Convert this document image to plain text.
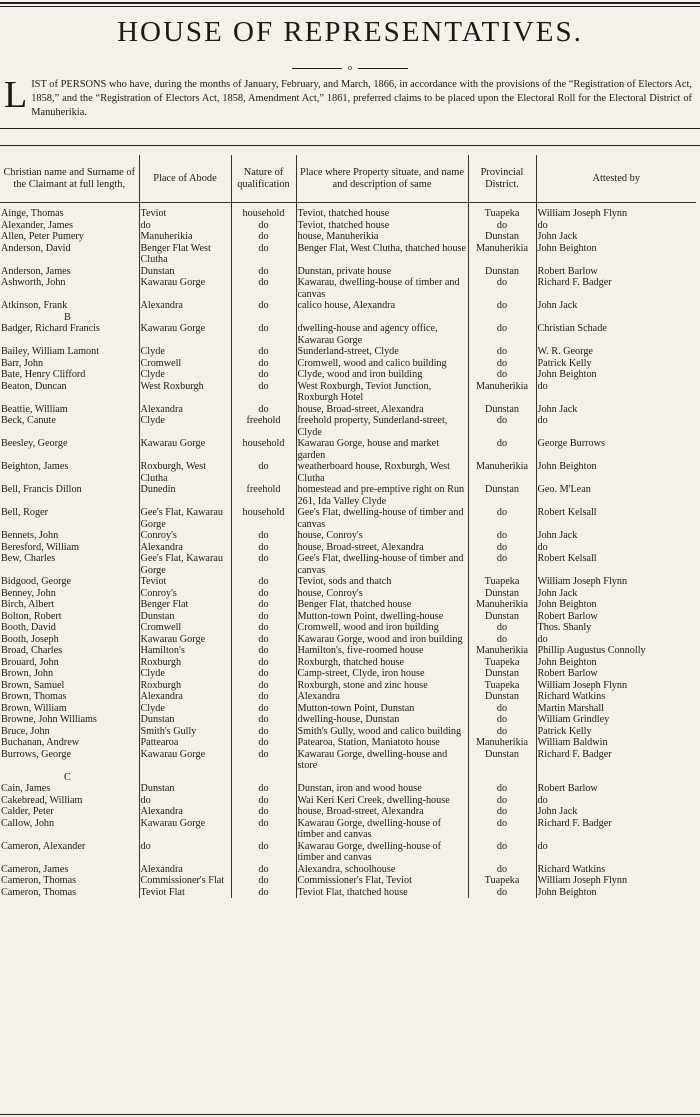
HOUSE OF REPRESENTATIVES.
o
LIST of PERSONS who have, during the months of January, February, and March, 1866, in accordance with the provisions of the “Registration of Electors Act, 1858,” and the “Registration of Electors Act, 1858, Amendment Act,” 1861, preferred claims to be placed upon the Electoral Roll for the Electoral District of Manuherikia.
Christian name and Surname of the Claimant at full length,	Place of Abode	Nature of qualification	Place where Property situate, and name and description of same	Provincial District.	Attested by
Ainge, Thomas	Teviot	household	Teviot, thatched house	Tuapeka	William Joseph Flynn
Alexander, James	do	do	Teviot, thatched house	do	do
Allen, Peter Pumery	Manuherikia	do	house, Manuherikia	Dunstan	John Jack
Anderson, David	Benger Flat West Clutha	do	Benger Flat, West Clutha, thatched house	Manuherikia	John Beighton
Anderson, James	Dunstan	do	Dunstan, private house	Dunstan	Robert Barlow
Ashworth, John	Kawarau Gorge	do	Kawarau, dwelling-house of timber and canvas	do	Richard F. Badger
Atkinson, Frank	Alexandra	do	calico house, Alexandra	do	John Jack
B					
Badger, Richard Francis	Kawarau Gorge	do	dwelling-house and agency office, Kawarau Gorge	do	Christian Schade
Bailey, William Lamont	Clyde	do	Sunderland-street, Clyde	do	W. R. George
Barr, John	Cromwell	do	Cromwell, wood and calico building	do	Patrick Kelly
Bate, Henry Clifford	Clyde	do	Clyde, wood and iron building	do	John Beighton
Beaton, Duncan	West Roxburgh	do	West Roxburgh, Teviot Junction, Roxburgh Hotel	Manuherikia	do
Beattie, William	Alexandra	do	house, Broad-street, Alexandra	Dunstan	John Jack
Beck, Canute	Clyde	freehold	freehold property, Sunderland-street, Clyde	do	do
Beesley, George	Kawarau Gorge	household	Kawarau Gorge, house and market garden	do	George Burrows
Beighton, James	Roxburgh, West Clutha	do	weatherboard house, Roxburgh, West Clutha	Manuherikia	John Beighton
Bell, Francis Dillon	Dunedin	freehold	homestead and pre-emptive right on Run 261, Ida Valley Clyde	Dunstan	Geo. M'Lean
Bell, Roger	Gee's Flat, Kawarau Gorge	household	Gee's Flat, dwelling-house of timber and canvas	do	Robert Kelsall
Bennets, John	Conroy's	do	house, Conroy's	do	John Jack
Beresford, William	Alexandra	do	house, Broad-street, Alexandra	do	do
Bew, Charles	Gee's Flat, Kawarau Gorge	do	Gee's Flat, dwelling-house of timber and canvas	do	Robert Kelsall
Bidgood, George	Teviot	do	Teviot, sods and thatch	Tuapeka	William Joseph Flynn
Benney, John	Conroy's	do	house, Conroy's	Dunstan	John Jack
Birch, Albert	Benger Flat	do	Benger Flat, thatched house	Manuherikia	John Beighton
Bolton, Robert	Dunstan	do	Mutton-town Point, dwelling-house	Dunstan	Robert Barlow
Booth, David	Cromwell	do	Cromwell, wood and iron building	do	Thos. Shanly
Booth, Joseph	Kawarau Gorge	do	Kawarau Gorge, wood and iron building	do	do
Broad, Charles	Hamilton's	do	Hamilton's, five-roomed house	Manuherikia	Phillip Augustus Connolly
Brouard, John	Roxburgh	do	Roxburgh, thatched house	Tuapeka	John Beighton
Brown, John	Clyde	do	Camp-street, Clyde, iron house	Dunstan	Robert Barlow
Brown, Samuel	Roxburgh	do	Roxburgh, stone and zinc house	Tuapeka	William Joseph Flynn
Brown, Thomas	Alexandra	do	Alexandra	Dunstan	Richard Watkins
Brown, William	Clyde	do	Mutton-town Point, Dunstan	do	Martin Marshall
Browne, John Williams	Dunstan	do	dwelling-house, Dunstan	do	William Grindley
Bruce, John	Smith's Gully	do	Smith's Gully, wood and calico building	do	Patrick Kelly
Buchanan, Andrew	Pattearoa	do	Patearoa, Station, Maniatoto house	Manuherikia	William Baldwin
Burrows, George	Kawarau Gorge	do	Kawarau Gorge, dwelling-house and store	Dunstan	Richard F. Badger
C					
Cain, James	Dunstan	do	Dunstan, iron and wood house	do	Robert Barlow
Cakebread, William	do	do	Wai Keri Keri Creek, dwelling-house	do	do
Calder, Peter	Alexandra	do	house, Broad-street, Alexandra	do	John Jack
Callow, John	Kawarau Gorge	do	Kawarau Gorge, dwelling-house of timber and canvas	do	Richard F. Badger
Cameron, Alexander	do	do	Kawarau Gorge, dwelling-house of timber and canvas	do	do
Cameron, James	Alexandra	do	Alexandra, schoolhouse	do	Richard Watkins
Cameron, Thomas	Commissioner's Flat	do	Commissioner's Flat, Teviot	Tuapeka	William Joseph Flynn
Cameron, Thomas	Teviot Flat	do	Teviot Flat, thatched house	do	John Beighton
